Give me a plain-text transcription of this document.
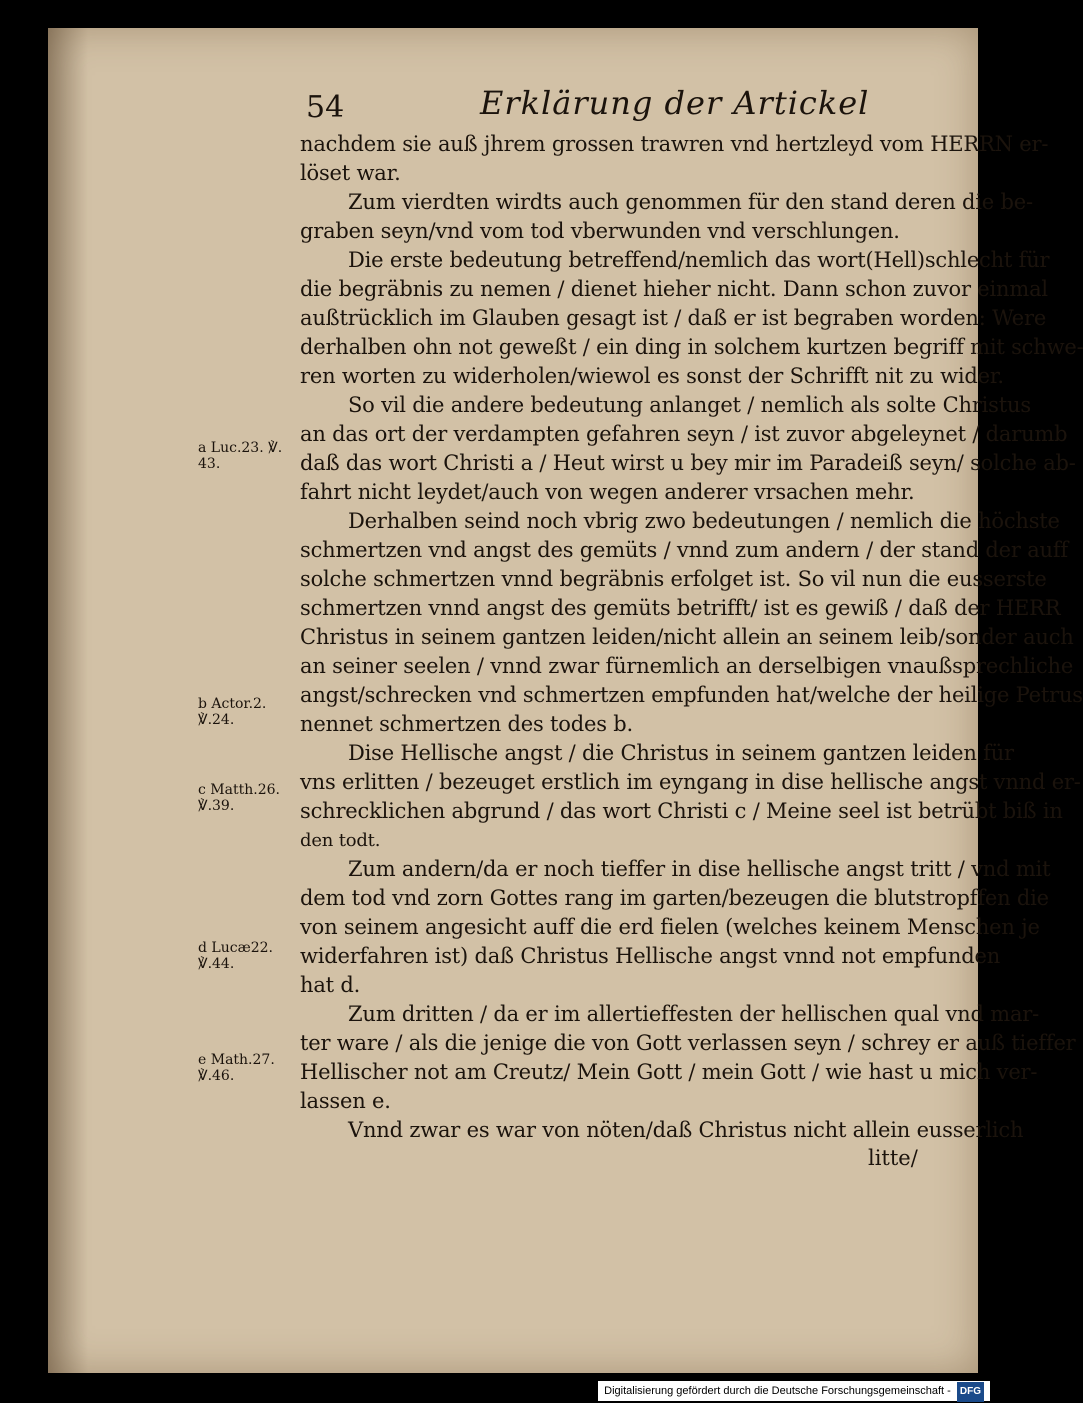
54	Erklärung der Artickel
nachdem sie auß jhrem grossen trawren vnd hertzleyd vom HERRN er-
löset war.
Zum vierdten wirdts auch genommen für den stand deren die be-
graben seyn/vnd vom tod vberwunden vnd verschlungen.
Die erste bedeutung betreffend/nemlich das wort(Hell)schlecht für
die begräbnis zu nemen / dienet hieher nicht. Dann schon zuvor einmal
außtrücklich im Glauben gesagt ist / daß er ist begraben worden: Were
derhalben ohn not geweßt / ein ding in solchem kurtzen begriff mit schwe-
ren worten zu widerholen/wiewol es sonst der Schrifft nit zu wider.
So vil die andere bedeutung anlanget / nemlich als solte Christus
an das ort der verdampten gefahren seyn / ist zuvor abgeleynet / darumb
daß das wort Christi a / Heut wirst u bey mir im Paradeiß seyn/ solche ab-
fahrt nicht leydet/auch von wegen anderer vrsachen mehr.
Derhalben seind noch vbrig zwo bedeutungen / nemlich die höchste
schmertzen vnd angst des gemüts / vnnd zum andern / der stand der auff
solche schmertzen vnnd begräbnis erfolget ist. So vil nun die eusserste
schmertzen vnnd angst des gemüts betrifft/ ist es gewiß / daß der HERR
Christus in seinem gantzen leiden/nicht allein an seinem leib/sonder auch
an seiner seelen / vnnd zwar fürnemlich an derselbigen vnaußsprechliche
angst/schrecken vnd schmertzen empfunden hat/welche der heilige Petrus
nennet schmertzen des todes b.
Dise Hellische angst / die Christus in seinem gantzen leiden für
vns erlitten / bezeuget erstlich im eyngang in dise hellische angst vnnd er-
schrecklichen abgrund / das wort Christi c / Meine seel ist betrübt biß in
den todt.
Zum andern/da er noch tieffer in dise hellische angst tritt / vnd mit
dem tod vnd zorn Gottes rang im garten/bezeugen die blutstropffen die
von seinem angesicht auff die erd fielen (welches keinem Menschen je
widerfahren ist) daß Christus Hellische angst vnnd not empfunden
hat d.
Zum dritten / da er im allertieffesten der hellischen qual vnd mar-
ter ware / als die jenige die von Gott verlassen seyn / schrey er auß tieffer
Hellischer not am Creutz/ Mein Gott / mein Gott / wie hast u mich ver-
lassen e.
Vnnd zwar es war von nöten/daß Christus nicht allein eusserlich
a Luc.23. ℣.
43.
b Actor.2.
℣.24.
c Matth.26.
℣.39.
d Lucæ22.
℣.44.
e Math.27.
℣.46.
litte/
Digitalisierung gefördert durch die Deutsche Forschungsgemeinschaft - DFG
